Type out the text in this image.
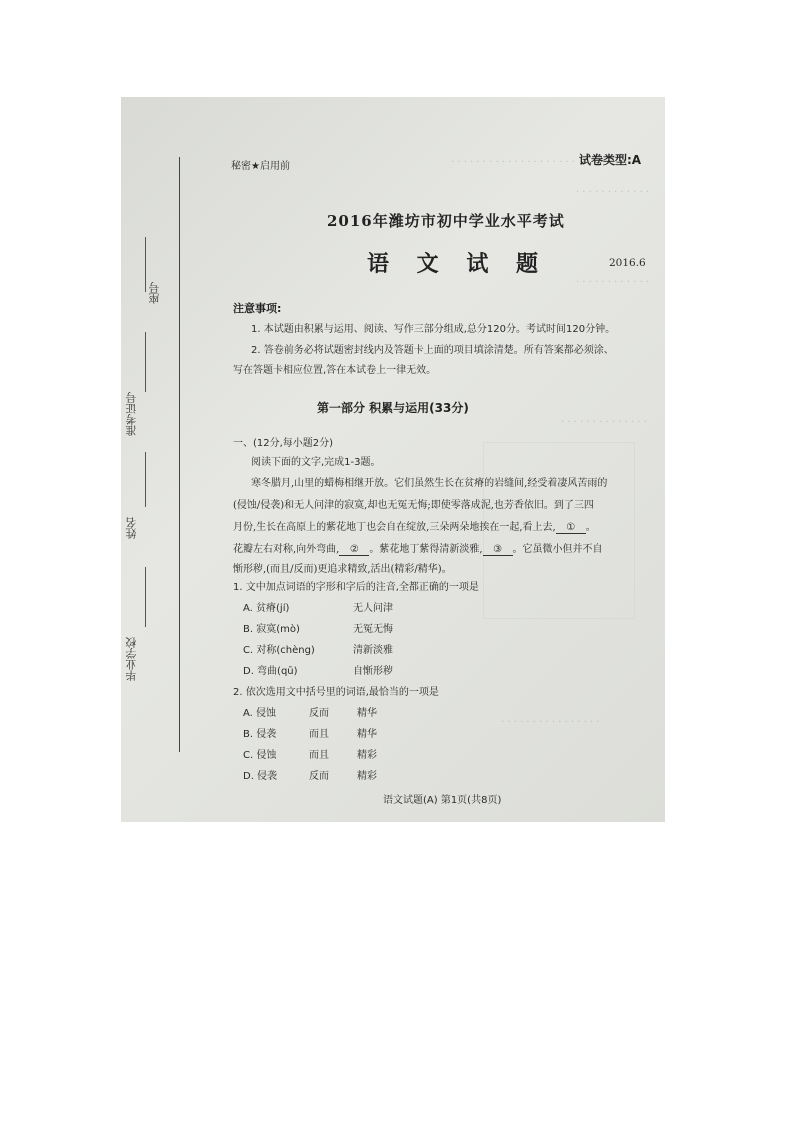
· · · · · · · · · · · · · · · · · · · ·
· · · · · · · · · · · ·
· · · · · · · · · · · ·
· · · · · · · · · · · · · ·
· · · · · · · · · · · · · · · ·
座号
准考证号
姓名
毕业学校
秘密★启用前	试卷类型:A
2016年潍坊市初中学业水平考试
语 文 试 题	2016.6
注意事项:
1. 本试题由积累与运用、阅读、写作三部分组成,总分120分。考试时间120分钟。
2. 答卷前务必将试题密封线内及答题卡上面的项目填涂清楚。所有答案都必须涂、
写在答题卡相应位置,答在本试卷上一律无效。
第一部分 积累与运用(33分)
一、(12分,每小题2分)
阅读下面的文字,完成1-3题。
寒冬腊月,山里的蜡梅相继开放。它们虽然生长在贫瘠的岩缝间,经受着凄风苦雨的
(侵蚀/侵袭)和无人问津的寂寞,却也无冤无悔;即使零落成泥,也芳香依旧。到了三四
月份,生长在高原上的紫花地丁也会自在绽放,三朵两朵地挨在一起,看上去, ① 。
花瓣左右对称,向外弯曲, ② 。紫花地丁紫得清新淡雅, ③ 。它虽微小但并不自
惭形秽,(而且/反而)更追求精致,活出(精彩/精华)。
1. 文中加点词语的字形和字后的注音,全都正确的一项是
A. 贫瘠(jí)	无人问津
B. 寂寞(mò)	无冤无悔
C. 对称(chèng)	清新淡雅
D. 弯曲(qū)	自惭形秽
2. 依次选用文中括号里的词语,最恰当的一项是
A. 侵蚀	反而	精华
B. 侵袭	而且	精华
C. 侵蚀	而且	精彩
D. 侵袭	反而	精彩
语文试题(A) 第1页(共8页)
